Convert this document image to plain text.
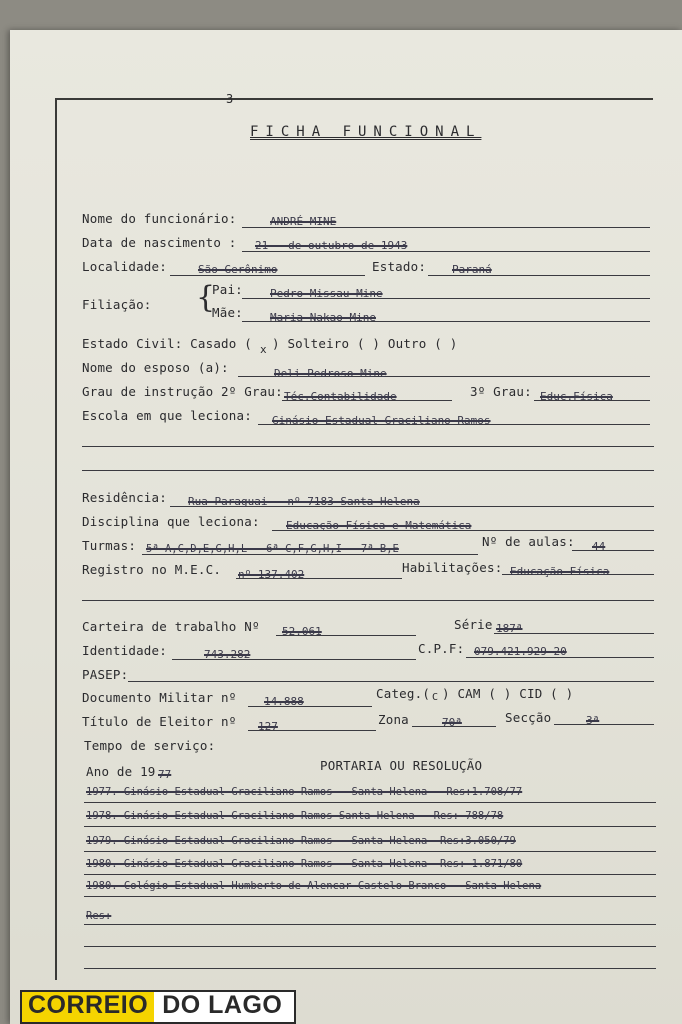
3
FICHA FUNCIONAL
Nome do funcionário:	ANDRÉ MINE
Data de nascimento : 21 - de outubro de 1943
Localidade:	São Gerônimo	Estado: Paraná
Filiação: {
Pai: Pedro Missau Mine
Mãe: Maria Nakao Mine
Estado Civil: Casado ( x ) Solteiro ( ) Outro ( )
Nome do esposo (a):	Deli Pedroso Mine
Grau de instrução 2º Grau: Téc.Contabilidade	3º Grau: Educ.Física
Escola em que leciona: Ginásio Estadual Graciliano Ramos
Residência: Rua Paraguai - nº 7183 Santa Helena
Disciplina que leciona: Educação Física e Matemática
Turmas: 5ª A,C,D,E,G,H,L - 6ª C,F,G,H,I - 7ª B,E	Nº de aulas: 44
Registro no M.E.C. nº 137.402	Habilitações: Educação Física
Carteira de trabalho Nº 52.061	Série 187ª
Identidade:	743.282	C.P.F: 079.421.929-20
PASEP:
Documento Militar nº 14.888
Categ.( C ) CAM ( ) CID ( )
Título de Eleitor nº 127	Zona	70ª	Secção	3ª
Tempo de serviço:
Ano de 19 77
PORTARIA OU RESOLUÇÃO
1977. Ginásio Estadual Graciliano Ramos - Santa Helena - Res:1.708/77
1978. Ginásio Estadual Graciliano Ramos Santa Helena - Res: 788/78
1979. Ginásio Estadual Graciliano Ramos - Santa Helena- Res:3.050/79
1980. Ginásio Estadual Graciliano Ramos - Santa Helena- Res: 1.871/80
1980. Colégio Estadual Humberto de Alencar Castelo Branco - Santa Helena
Res:
CORREIO DO LAGO
